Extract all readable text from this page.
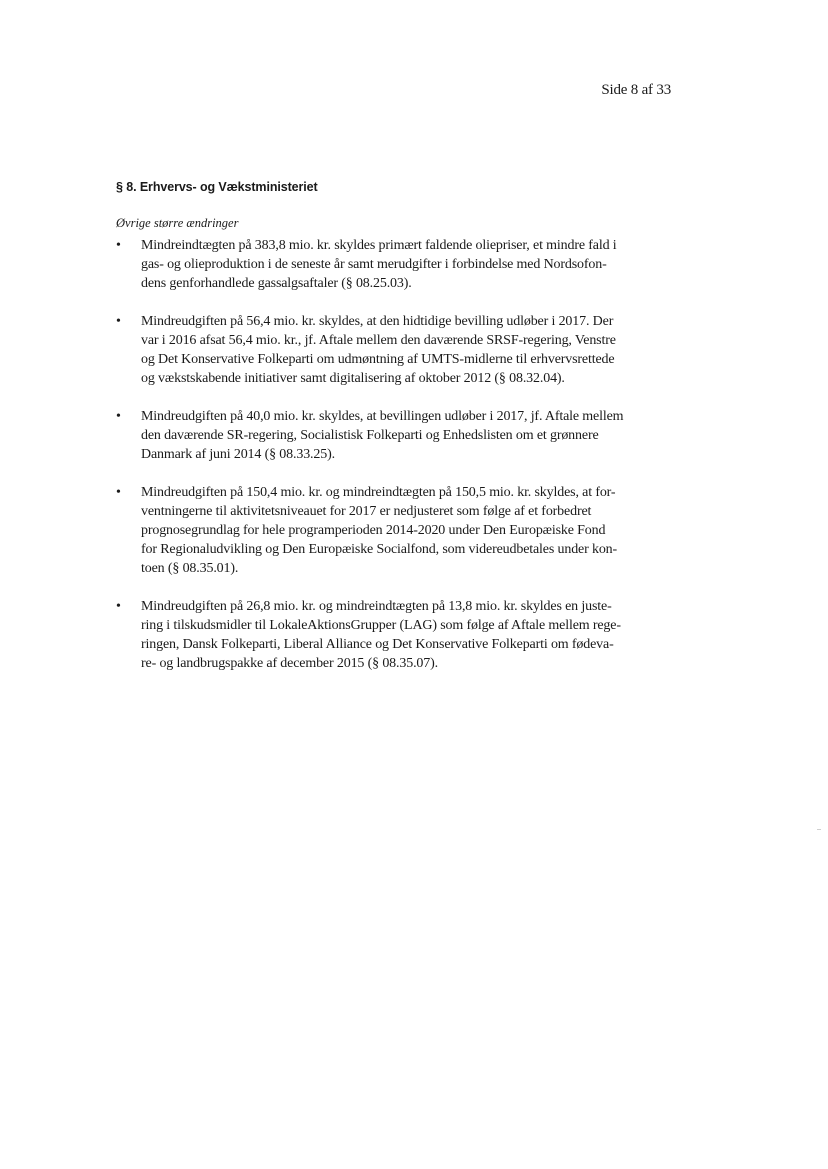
Side 8 af 33
§ 8. Erhvervs- og Vækstministeriet
Øvrige større ændringer
•	Mindreindtægten på 383,8 mio. kr. skyldes primært faldende oliepriser, et mindre fald i
gas- og olieproduktion i de seneste år samt merudgifter i forbindelse med Nordsofon-
dens genforhandlede gassalgsaftaler (§ 08.25.03).
•	Mindreudgiften på 56,4 mio. kr. skyldes, at den hidtidige bevilling udløber i 2017. Der
var i 2016 afsat 56,4 mio. kr., jf. Aftale mellem den daværende SRSF-regering, Venstre
og Det Konservative Folkeparti om udmøntning af UMTS-midlerne til erhvervsrettede
og vækstskabende initiativer samt digitalisering af oktober 2012 (§ 08.32.04).
•	Mindreudgiften på 40,0 mio. kr. skyldes, at bevillingen udløber i 2017, jf. Aftale mellem
den daværende SR-regering, Socialistisk Folkeparti og Enhedslisten om et grønnere
Danmark af juni 2014 (§ 08.33.25).
•	Mindreudgiften på 150,4 mio. kr. og mindreindtægten på 150,5 mio. kr. skyldes, at for-
ventningerne til aktivitetsniveauet for 2017 er nedjusteret som følge af et forbedret
prognosegrundlag for hele programperioden 2014-2020 under Den Europæiske Fond
for Regionaludvikling og Den Europæiske Socialfond, som videreudbetales under kon-
toen (§ 08.35.01).
•	Mindreudgiften på 26,8 mio. kr. og mindreindtægten på 13,8 mio. kr. skyldes en juste-
ring i tilskudsmidler til LokaleAktionsGrupper (LAG) som følge af Aftale mellem rege-
ringen, Dansk Folkeparti, Liberal Alliance og Det Konservative Folkeparti om fødeva-
re- og landbrugspakke af december 2015 (§ 08.35.07).
